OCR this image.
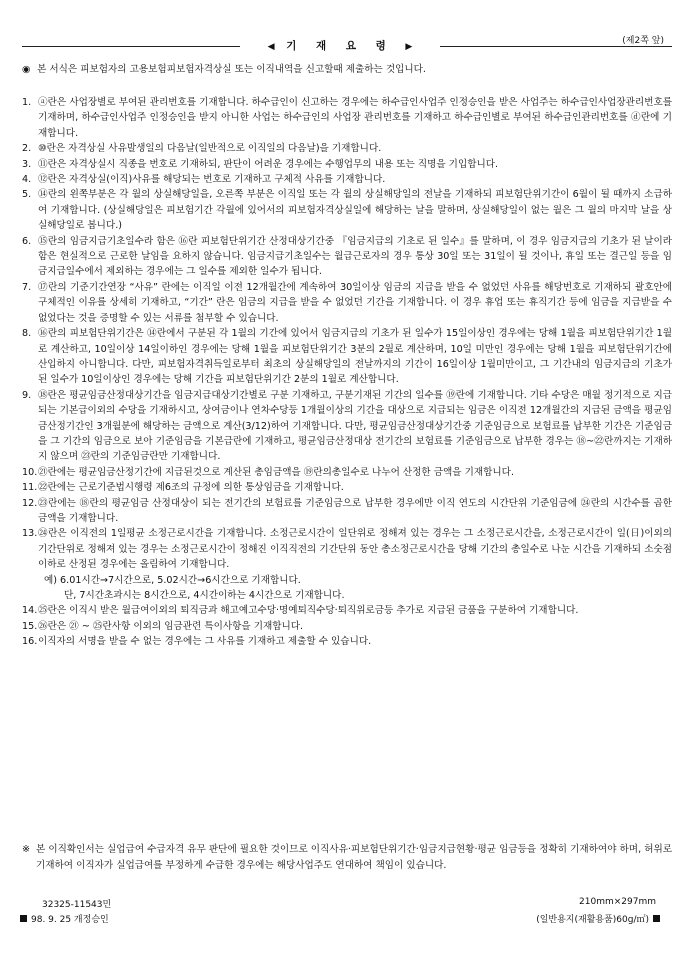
(제2쪽 앞)
◀ 기 재 요 령 ▶
◉ 본 서식은 피보험자의 고용보험피보험자격상실 또는 이직내역을 신고할때 제출하는 것입니다.
1. ⓐ란은 사업장별로 부여된 관리번호를 기재합니다. 하수급인이 신고하는 경우에는 하수급인사업주 인정승인을 받은 사업주는 하수급인사업장관리번호를 기재하며, 하수급인사업주 인정승인을 받지 아니한 사업는 하수급인의 사업장 관리번호를 기재하고 하수급인별로 부여된 하수급인관리번호를 ⓓ란에 기재합니다.
2. ⑩란은 자격상실 사유발생일의 다음날(일반적으로 이직일의 다음날)을 기재합니다.
3. ⑪란은 자격상실시 직종을 번호로 기재하되, 판단이 어려운 경우에는 수행업무의 내용 또는 직명을 기입합니다.
4. ⑫란은 자격상실(이직)사유를 해당되는 번호로 기재하고 구체적 사유를 기재합니다.
5. ⑭란의 왼쪽부분은 각 월의 상실해당일을, 오른쪽 부분은 이직일 또는 각 월의 상실해당일의 전날을 기재하되 피보험단위기간이 6월이 될 때까지 소급하여 기재합니다. (상실해당일은 피보험기간 각월에 있어서의 피보험자격상실일에 해당하는 날을 말하며, 상실해당일이 없는 월은 그 월의 마지막 날을 상실해당일로 봅니다.)
6. ⑮란의 임금지급기초일수라 함은 ⑯란 피보험단위기간 산정대상기간중 『임금지급의 기초로 된 일수』를 말하며, 이 경우 임금지급의 기초가 된 날이라 함은 현실적으로 근로한 날임을 요하지 않습니다. 임금지급기초일수는 월급근로자의 경우 통상 30일 또는 31일이 될 것이나, 휴일 또는 결근일 등을 임금지급일수에서 제외하는 경우에는 그 일수를 제외한 일수가 됩니다.
7. ⑰란의 기준기간연장 “사유” 란에는 이직일 이전 12개월간에 계속하여 30일이상 임금의 지급을 받을 수 없었던 사유를 해당번호로 기재하되 괄호안에 구체적인 이유를 상세히 기재하고, “기간” 란은 임금의 지급을 받을 수 없었던 기간을 기재합니다. 이 경우 휴업 또는 휴직기간 등에 임금을 지급받을 수 없었다는 것을 증명할 수 있는 서류를 첨부할 수 있습니다.
8. ⑯란의 피보험단위기간은 ⑭란에서 구분된 각 1월의 기간에 있어서 임금지급의 기초가 된 일수가 15일이상인 경우에는 당해 1월을 피보험단위기간 1월로 계산하고, 10일이상 14일이하인 경우에는 당해 1월을 피보험단위기간 3분의 2월로 계산하며, 10일 미만인 경우에는 당해 1월을 피보험단위기간에 산입하지 아니합니다. 다만, 피보험자격취득일로부터 최초의 상실해당일의 전날까지의 기간이 16일이상 1월미만이고, 그 기간내의 임금지급의 기초가 된 일수가 10일이상인 경우에는 당해 기간을 피보험단위기간 2분의 1월로 계산합니다.
9. ⑱란은 평균임금산정대상기간을 임금지급대상기간별로 구분 기재하고, 구분기재된 기간의 일수를 ⑲란에 기재합니다. 기타 수당은 매월 정기적으로 지급되는 기본급이외의 수당을 기재하시고, 상여금이나 연차수당등 1개월이상의 기간을 대상으로 지급되는 임금은 이직전 12개월간의 지급된 금액을 평균임금산정기간인 3개월분에 해당하는 금액으로 계산(3/12)하여 기재합니다. 다만, 평균임금산정대상기간중 기준임금으로 보험료를 납부한 기간은 기준임금을 그 기간의 임금으로 보아 기준임금을 기본급란에 기재하고, 평균임금산정대상 전기간의 보험료를 기준임금으로 납부한 경우는 ⑱~㉒란까지는 기재하지 않으며 ㉓란의 기준임금란만 기재합니다.
10. ㉑란에는 평균임금산정기간에 지급된것으로 계산된 총임금액을 ⑲란의총일수로 나누어 산정한 금액을 기재합니다.
11. ㉒란에는 근로기준법시행령 제6조의 규정에 의한 통상임금을 기재합니다.
12. ㉓란에는 ⑱란의 평균임금 산정대상이 되는 전기간의 보험료를 기준임금으로 납부한 경우에만 이직 연도의 시간단위 기준임금에 ㉔란의 시간수를 곱한 금액을 기재합니다.
13. ㉔란은 이직전의 1일평균 소정근로시간을 기재합니다. 소정근로시간이 일단위로 정해져 있는 경우는 그 소정근로시간을, 소정근로시간이 일(日)이외의 기간단위로 정해져 있는 경우는 소정근로시간이 정해진 이직직전의 기간단위 동안 총소정근로시간을 당해 기간의 총일수로 나눈 시간을 기재하되 소숫점이하로 산정된 경우에는 올림하여 기재합니다.
예) 6.01시간→7시간으로, 5.02시간→6시간으로 기재합니다.
단, 7시간초과시는 8시간으로, 4시간이하는 4시간으로 기재합니다.
14. ㉕란은 이직시 받은 월급여이외의 퇴직금과 해고예고수당·명예퇴직수당·퇴직위로금등 추가로 지급된 금품을 구분하여 기재합니다.
15. ㉖란은 ㉑ ~ ㉕란사항 이외의 임금관련 특이사항을 기재합니다.
16. 이직자의 서명을 받을 수 없는 경우에는 그 사유를 기재하고 제출할 수 있습니다.
※ 본 이직확인서는 실업급여 수급자격 유무 판단에 필요한 것이므로 이직사유·피보험단위기간·임금지급현황·평균 임금등을 정확히 기재하여야 하며, 허위로 기재하여 이직자가 실업급여를 부정하게 수급한 경우에는 해당사업주도 연대하여 책임이 있습니다.
32325-11543민
98. 9. 25 개정승인
210mm×297mm
(일반용지(재활용품)60g/㎡)
